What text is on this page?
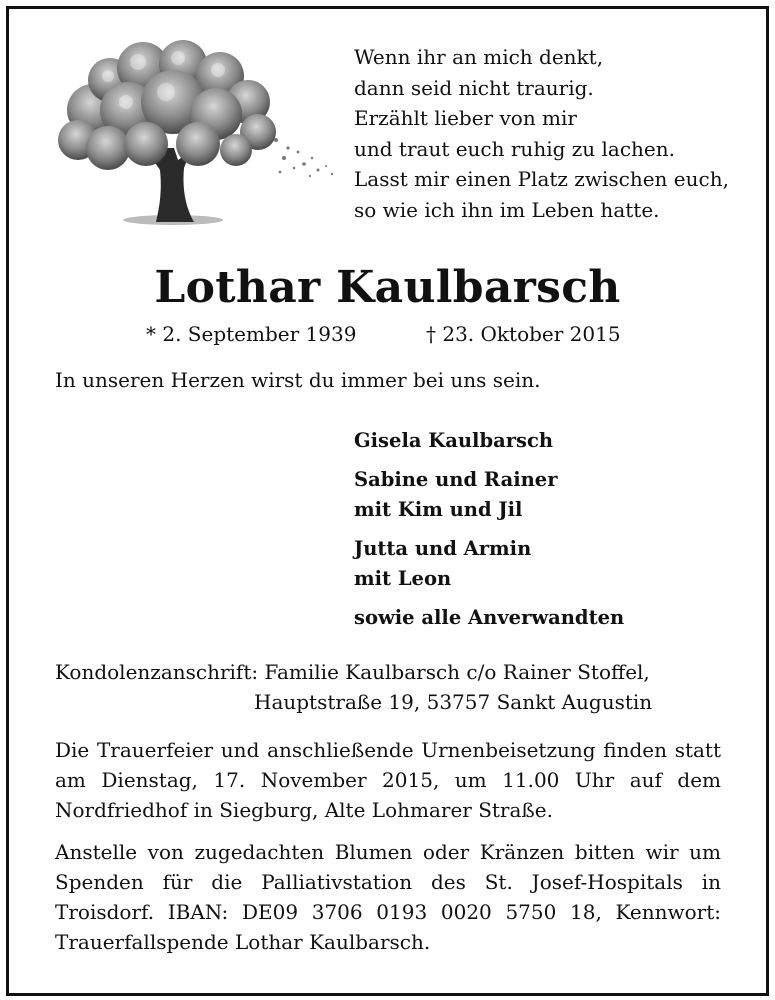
Wenn ihr an mich denkt,
dann seid nicht traurig.
Erzählt lieber von mir
und traut euch ruhig zu lachen.
Lasst mir einen Platz zwischen euch,
so wie ich ihn im Leben hatte.
Lothar Kaulbarsch
* 2. September 1939	† 23. Oktober 2015
In unseren Herzen wirst du immer bei uns sein.
Gisela Kaulbarsch
Sabine und Rainer
mit Kim und Jil
Jutta und Armin
mit Leon
sowie alle Anverwandten
Kondolenzanschrift: Familie Kaulbarsch c/o Rainer Stoffel,
Hauptstraße 19, 53757 Sankt Augustin
Die Trauerfeier und anschließende Urnenbeisetzung finden statt am Dienstag, 17. November 2015, um 11.00 Uhr auf dem Nordfriedhof in Siegburg, Alte Lohmarer Straße.
Anstelle von zugedachten Blumen oder Kränzen bitten wir um Spenden für die Palliativstation des St. Josef-Hospitals in Troisdorf. IBAN: DE09 3706 0193 0020 5750 18, Kennwort: Trauerfallspende Lothar Kaulbarsch.
